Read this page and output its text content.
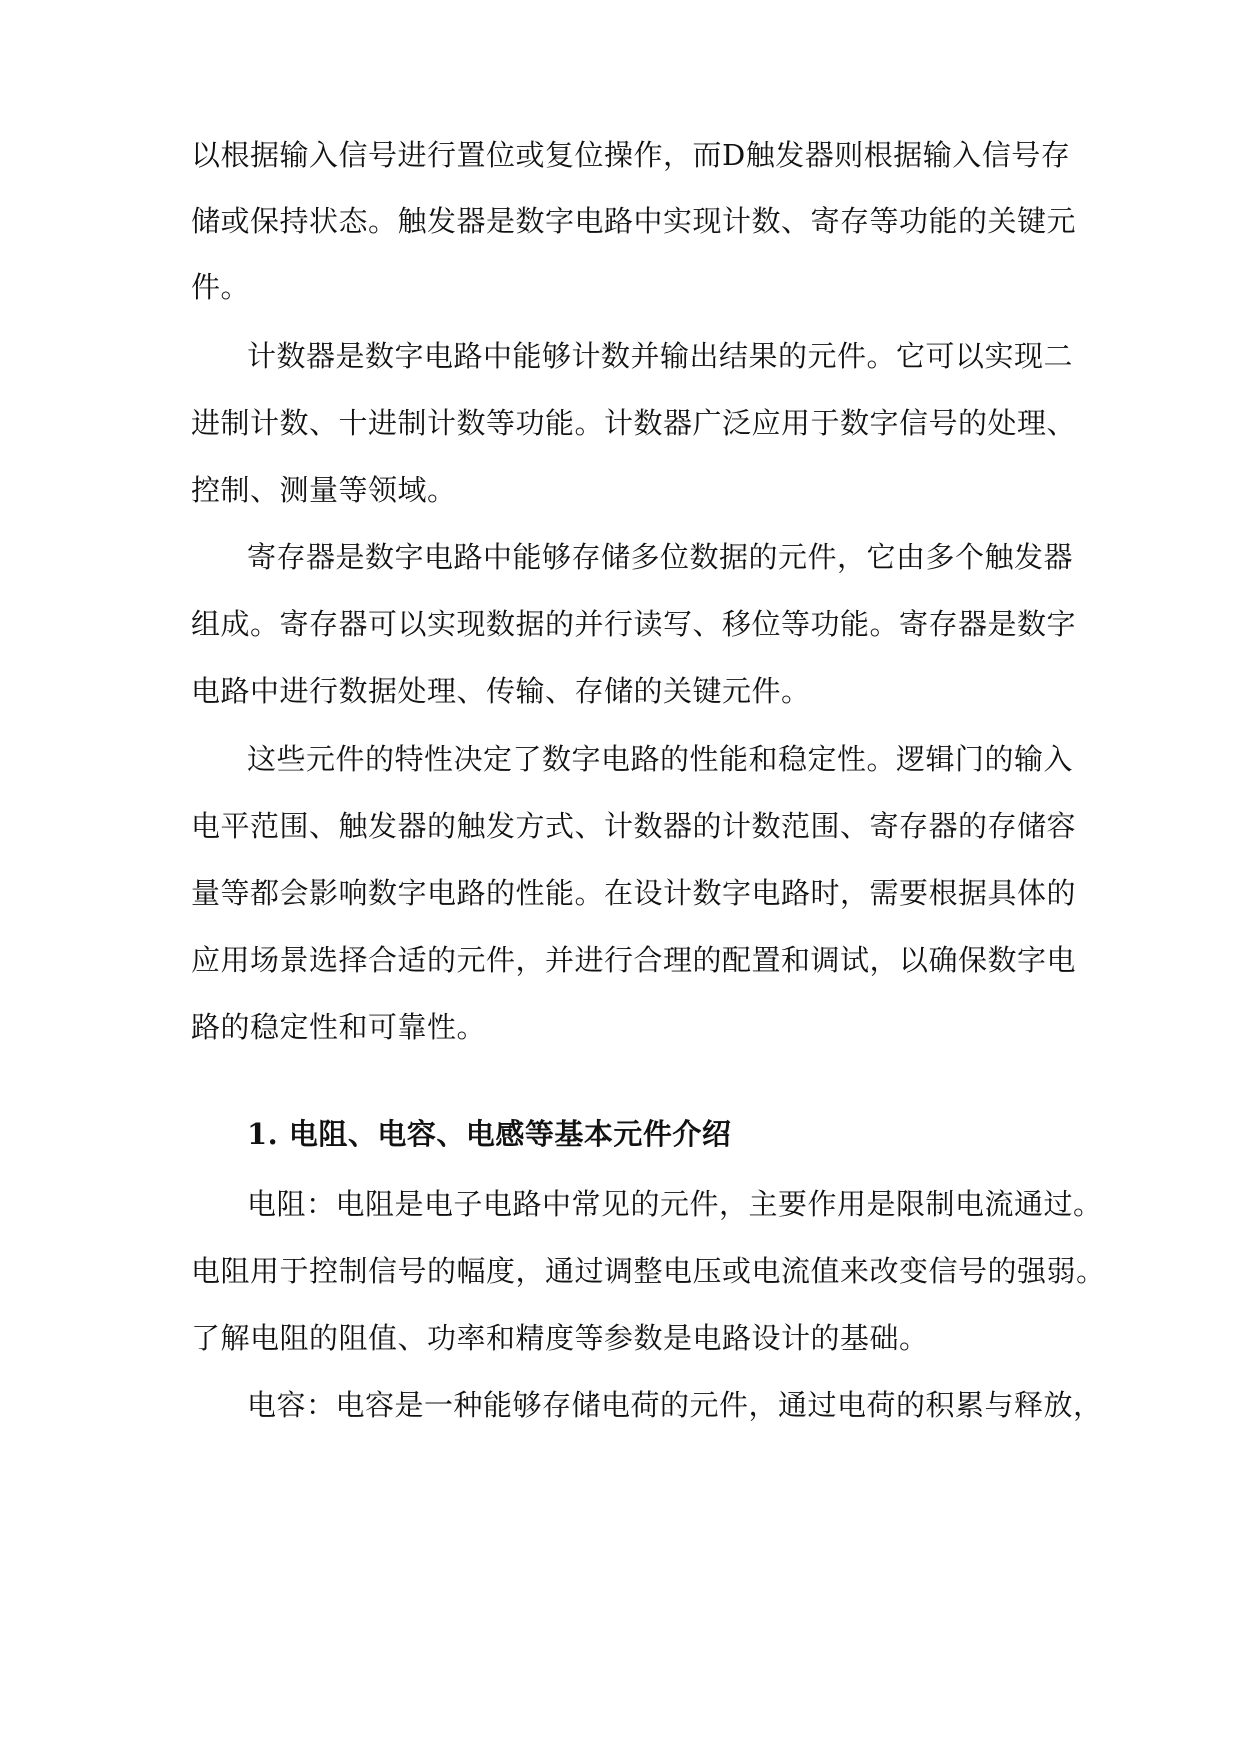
以根据输入信号进行置位或复位操作，而D触发器则根据输入信号存
储或保持状态。触发器是数字电路中实现计数、寄存等功能的关键元
件。
计数器是数字电路中能够计数并输出结果的元件。它可以实现二
进制计数、十进制计数等功能。计数器广泛应用于数字信号的处理、
控制、测量等领域。
寄存器是数字电路中能够存储多位数据的元件，它由多个触发器
组成。寄存器可以实现数据的并行读写、移位等功能。寄存器是数字
电路中进行数据处理、传输、存储的关键元件。
这些元件的特性决定了数字电路的性能和稳定性。逻辑门的输入
电平范围、触发器的触发方式、计数器的计数范围、寄存器的存储容
量等都会影响数字电路的性能。在设计数字电路时，需要根据具体的
应用场景选择合适的元件，并进行合理的配置和调试，以确保数字电
路的稳定性和可靠性。
1. 电阻、电容、电感等基本元件介绍
电阻：电阻是电子电路中常见的元件，主要作用是限制电流通过。
电阻用于控制信号的幅度，通过调整电压或电流值来改变信号的强弱。
了解电阻的阻值、功率和精度等参数是电路设计的基础。
电容：电容是一种能够存储电荷的元件，通过电荷的积累与释放，
